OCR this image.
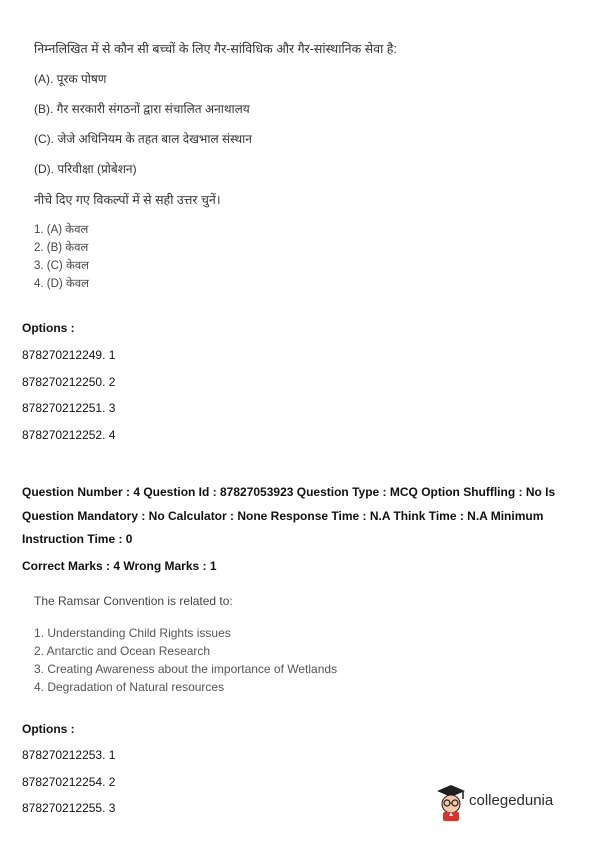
निम्नलिखित में से कौन सी बच्चों के लिए गैर-सांविधिक और गैर-सांस्थानिक सेवा है:

(A). पूरक पोषण

(B). गैर सरकारी संगठनों द्वारा संचालित अनाथालय

(C). जेजे अधिनियम के तहत बाल देखभाल संस्थान

(D). परिवीक्षा (प्रोबेशन)

नीचे दिए गए विकल्पों में से सही उत्तर चुनें।

1. (A) केवल
2. (B) केवल
3. (C) केवल
4. (D) केवल
Options :
878270212249. 1
878270212250. 2
878270212251. 3
878270212252. 4
Question Number : 4 Question Id : 87827053923 Question Type : MCQ Option Shuffling : No Is
Question Mandatory : No Calculator : None Response Time : N.A Think Time : N.A Minimum
Instruction Time : 0
Correct Marks : 4 Wrong Marks : 1

The Ramsar Convention is related to:

1. Understanding Child Rights issues
2. Antarctic and Ocean Research
3. Creating Awareness about the importance of Wetlands
4. Degradation of Natural resources
Options :
878270212253. 1
878270212254. 2
878270212255. 3	collegedunia
